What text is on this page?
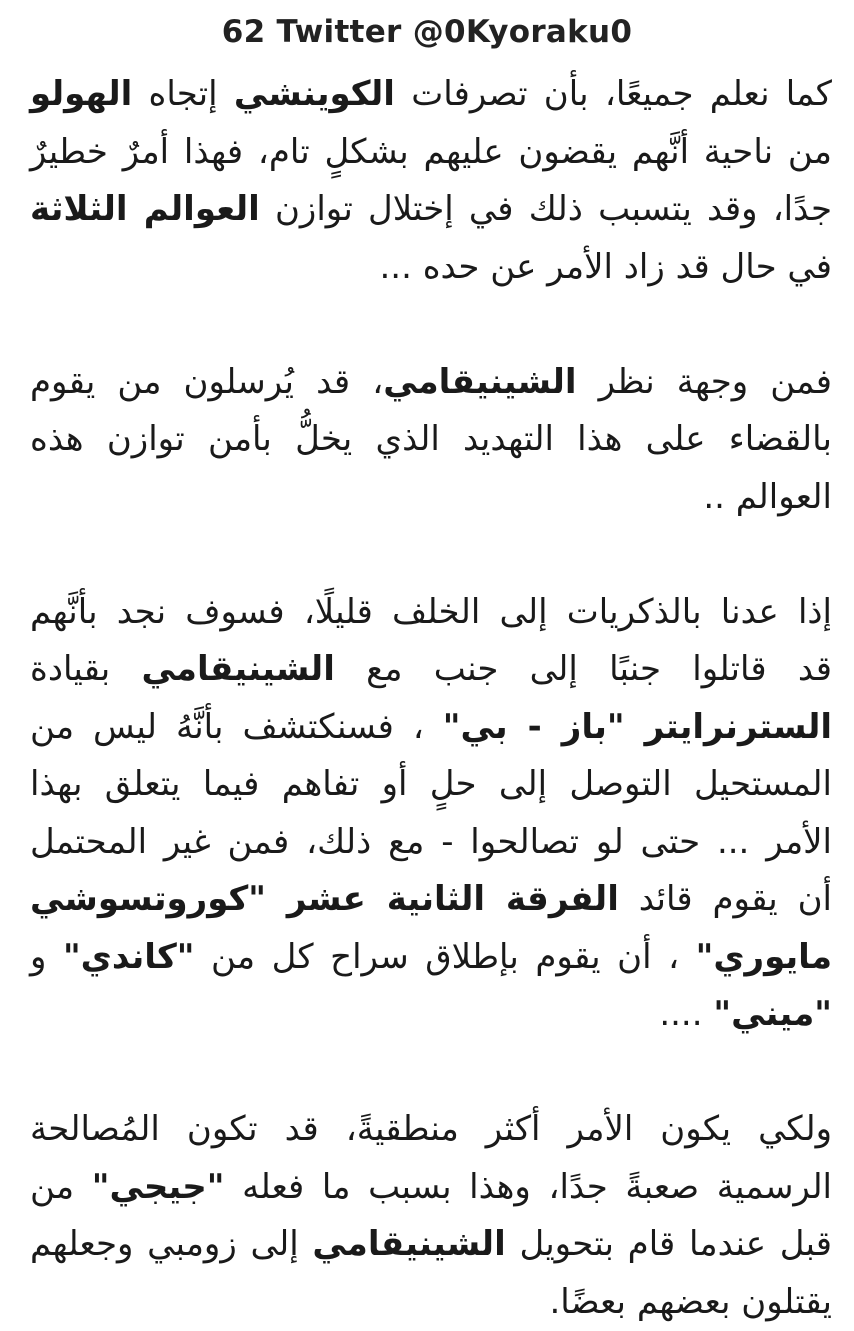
62 Twitter @0Kyoraku0

كما نعلم جميعًا، بأن تصرفات الكوينشي إتجاه الهولو
من ناحية أنَّهم يقضون عليهم بشكلٍ تام، فهذا أمرٌ خطيرٌ
جدًا، وقد يتسبب ذلك في إختلال توازن العوالم الثلاثة
في حال قد زاد الأمر عن حده ...

فمن وجهة نظر الشينيقامي، قد يُرسلون من يقوم
بالقضاء على هذا التهديد الذي يخلُّ بأمن توازن هذه
العوالم ..

إذا عدنا بالذكريات إلى الخلف قليلًا، فسوف نجد بأنَّهم
قد قاتلوا جنبًا إلى جنب مع الشينيقامي بقيادة
السترنرايتر "باز - بي" ، فسنكتشف بأنَّهُ ليس من
المستحيل التوصل إلى حلٍ أو تفاهم فيما يتعلق بهذا
الأمر ... حتى لو تصالحوا - مع ذلك، فمن غير المحتمل
أن يقوم قائد الفرقة الثانية عشر "كوروتسوشي
مايوري" ، أن يقوم بإطلاق سراح كل من "كاندي" و
"ميني" ....

ولكي يكون الأمر أكثر منطقيةً، قد تكون المُصالحة
الرسمية صعبةً جدًا، وهذا بسبب ما فعله "جيجي" من
قبل عندما قام بتحويل الشينيقامي إلى زومبي وجعلهم
يقتلون بعضهم بعضًا.
